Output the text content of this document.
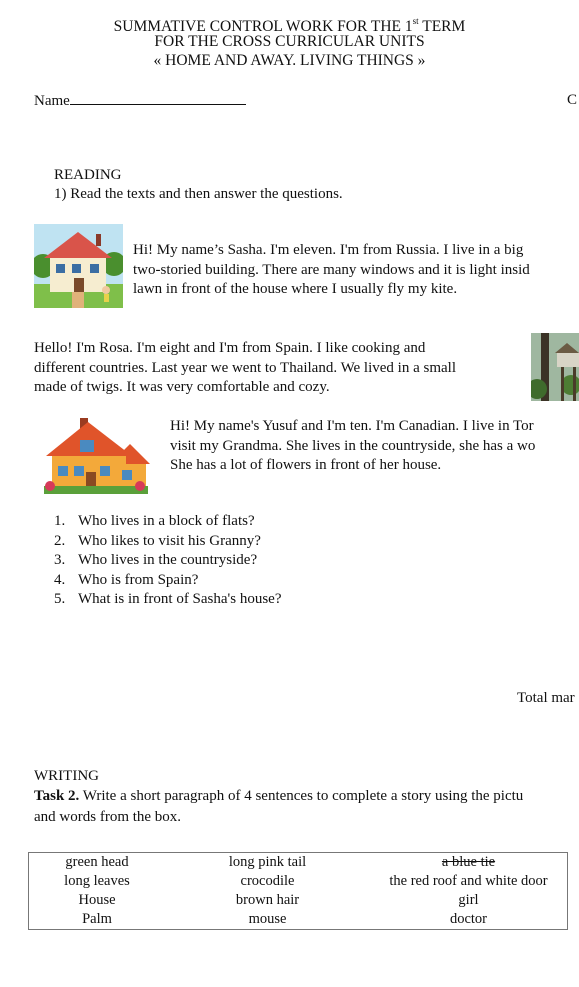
SUMMATIVE CONTROL WORK FOR THE 1st TERM
FOR THE CROSS CURRICULAR UNITS
« HOME AND AWAY. LIVING THINGS »
Name	C
READING
1) Read the texts and then answer the questions.
Hi! My name’s Sasha. I'm eleven. I'm from Russia. I live in a big
two-storied building. There are many windows and it is light insid
lawn in front of the house where I usually fly my kite.
Hello! I'm Rosa. I'm eight and I'm from Spain. I like cooking and
different countries. Last year we went to Thailand. We lived in a small
made of twigs. It was very comfortable and cozy.
Hi! My name's Yusuf and I'm ten. I'm Canadian. I live in Tor
visit my Grandma. She lives in the countryside, she has a wo
She has a lot of flowers in front of her house.
1. Who lives in a block of flats?
2. Who likes to visit his Granny?
3. Who lives in the countryside?
4. Who is from Spain?
5. What is in front of Sasha's house?
Total mar
WRITING
Task 2. Write a short paragraph of 4 sentences to complete a story using the pictu
and words from the box.
green head	long pink tail	a blue tie
long leaves	crocodile	the red roof and white door
House	brown hair	girl
Palm	mouse	doctor
